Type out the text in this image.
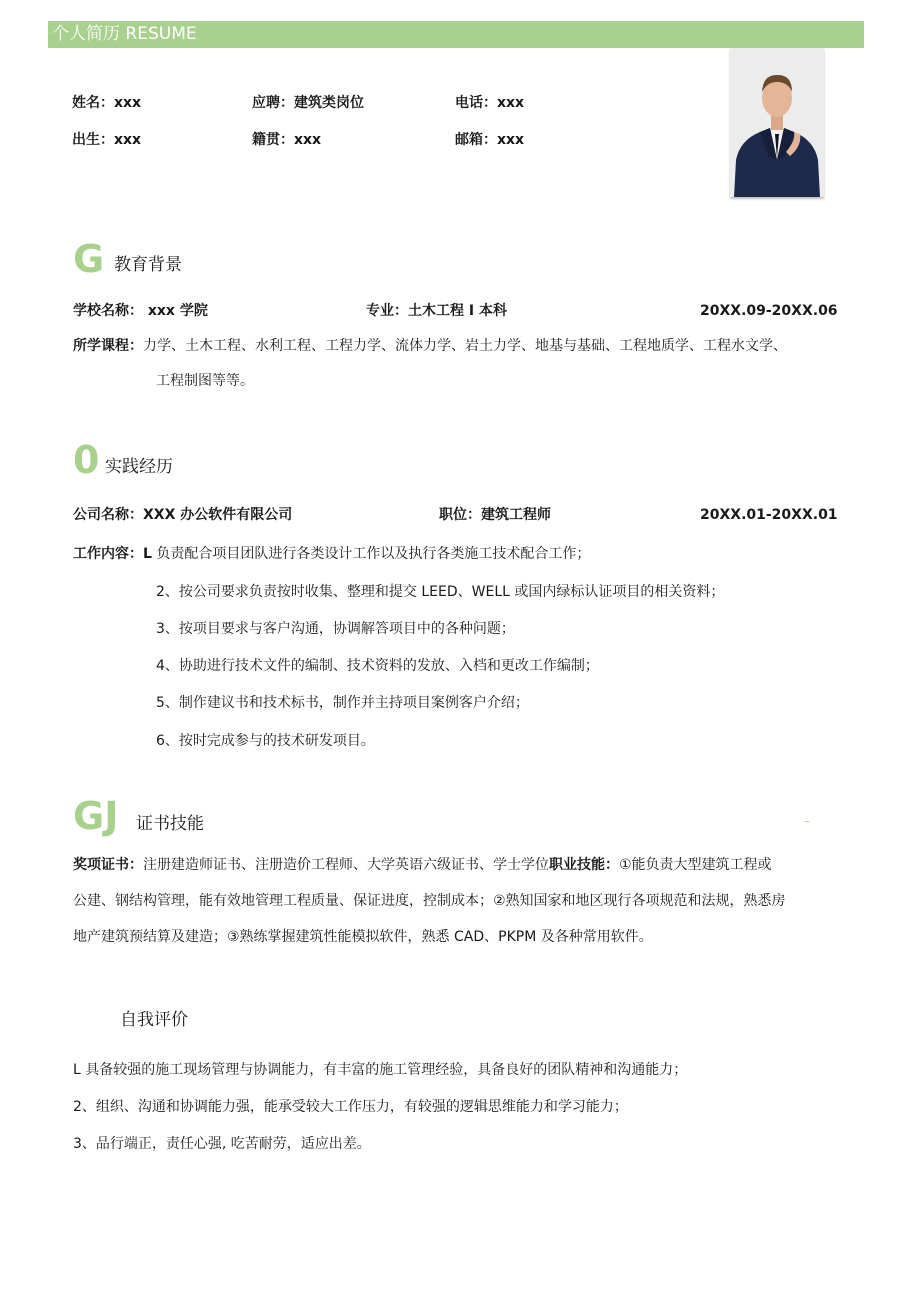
个人简历 RESUME
姓名：xxx	应聘：建筑类岗位	电话：xxx
出生：xxx	籍贯：xxx	邮箱：xxx
G 教育背景
学校名称： xxx 学院	专业：土木工程 I 本科	20XX.09-20XX.06
所学课程：力学、土木工程、水利工程、工程力学、流体力学、岩土力学、地基与基础、工程地质学、工程水文学、
工程制图等等。
0 实践经历
公司名称：XXX 办公软件有限公司	职位：建筑工程师	20XX.01-20XX.01
工作内容：L 负责配合项目团队进行各类设计工作以及执行各类施工技术配合工作；
2、按公司要求负责按时收集、整理和提交 LEED、WELL 或国内绿标认证项目的相关资料；
3、按项目要求与客户沟通，协调解答项目中的各种问题；
4、协助进行技术文件的编制、技术资料的发放、入档和更改工作编制；
5、制作建议书和技术标书，制作并主持项目案例客户介绍；
6、按时完成参与的技术研发项目。
GJ 证书技能	–
奖项证书：注册建造师证书、注册造价工程师、大学英语六级证书、学士学位职业技能：①能负责大型建筑工程或
公建、钢结构管理，能有效地管理工程质量、保证进度，控制成本；②熟知国家和地区现行各项规范和法规，熟悉房
地产建筑预结算及建造；③熟练掌握建筑性能模拟软件，熟悉 CAD、PKPM 及各种常用软件。
自我评价
L 具备较强的施工现场管理与协调能力，有丰富的施工管理经验，具备良好的团队精神和沟通能力；
2、组织、沟通和协调能力强，能承受较大工作压力，有较强的逻辑思维能力和学习能力；
3、品行端正，责任心强, 吃苦耐劳，适应出差。
